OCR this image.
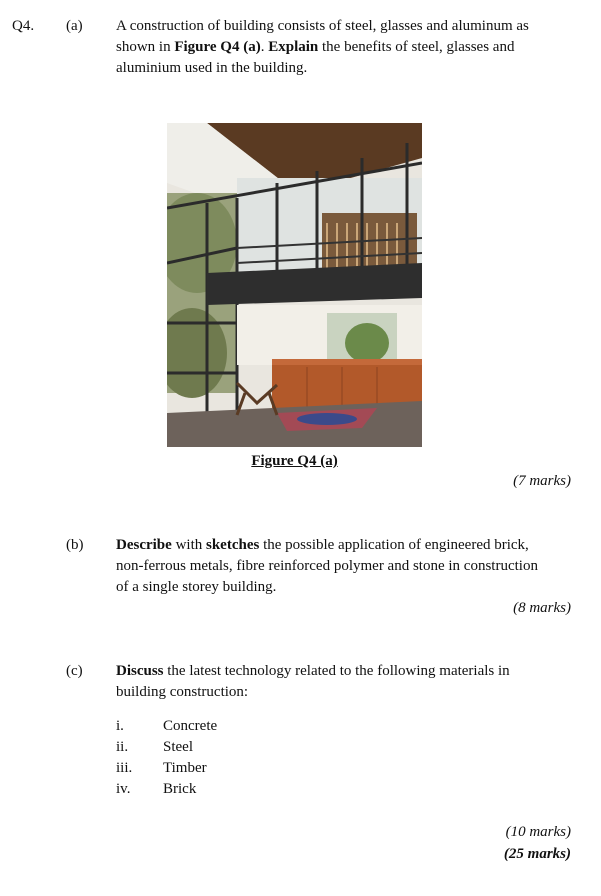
Q4. (a) A construction of building consists of steel, glasses and aluminum as
shown in Figure Q4 (a). Explain the benefits of steel, glasses and
aluminium used in the building.
Figure Q4 (a)
(7 marks)
(b) Describe with sketches the possible application of engineered brick,
non-ferrous metals, fibre reinforced polymer and stone in construction
of a single storey building.
(8 marks)
(c) Discuss the latest technology related to the following materials in
building construction:
i.	Concrete
ii. Steel
iii. Timber
iv. Brick
(10 marks)
(25 marks)
